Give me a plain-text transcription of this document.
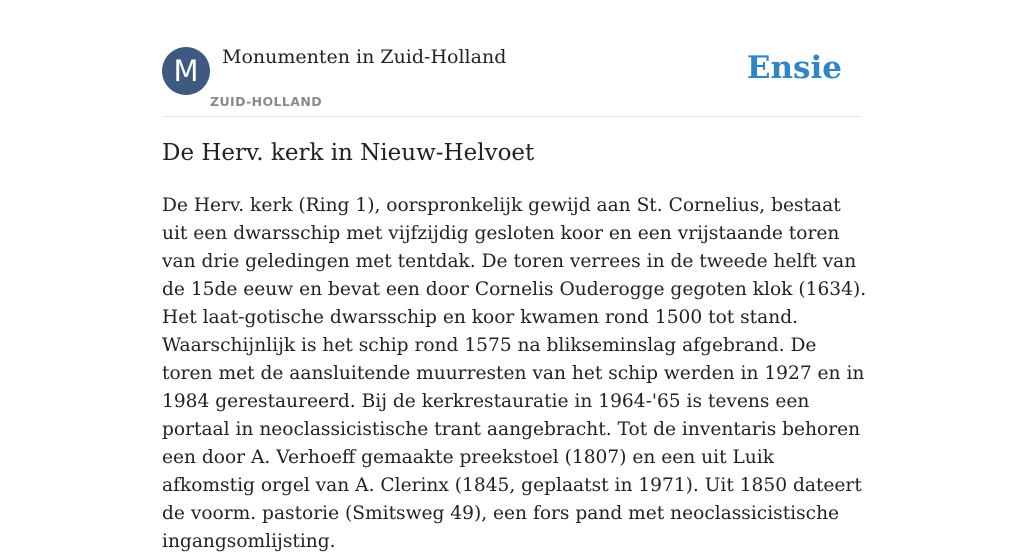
M	Monumenten in Zuid-Holland
ZUID-HOLLAND
Ensie
De Herv. kerk in Nieuw-Helvoet

De Herv. kerk (Ring 1), oorspronkelijk gewijd aan St. Cornelius, bestaat uit een dwarsschip met vijfzijdig gesloten koor en een vrijstaande toren van drie geledingen met tentdak. De toren verrees in de tweede helft van de 15de eeuw en bevat een door Cornelis Ouderogge gegoten klok (1634). Het laat-gotische dwarsschip en koor kwamen rond 1500 tot stand. Waarschijnlijk is het schip rond 1575 na blikseminslag afgebrand. De toren met de aansluitende muurresten van het schip werden in 1927 en in 1984 gerestaureerd. Bij de kerkrestauratie in 1964-'65 is tevens een portaal in neoclassicistische trant aangebracht. Tot de inventaris behoren een door A. Verhoeff gemaakte preekstoel (1807) en een uit Luik afkomstig orgel van A. Clerinx (1845, geplaatst in 1971). Uit 1850 dateert de voorm. pastorie (Smitsweg 49), een fors pand met neoclassicistische ingangsomlijsting.
